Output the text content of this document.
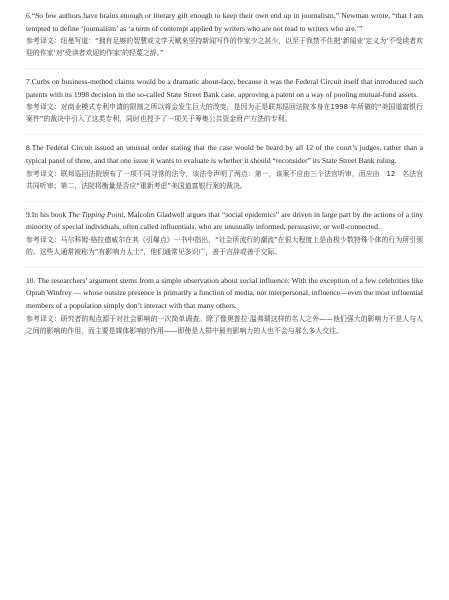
6.“So few authors have brains enough or literary gift enough to keep their own end up in journalism,” Newman wrote, “that I am tempted to define ‘journalism’ as ‘a term of contempt applied by writers who are not read to writers who are.’”
参考译文：纽曼写道：“拥有足够的智慧或文学天赋来坚持新闻写作的作家少之甚少，以至于我禁不住把‘新闻业’定义为‘不受读者欢迎的作家’对‘受读者欢迎的作家’的轻蔑之辞。”
7.Curbs on business-method claims would be a dramatic about-face, because it was the Federal Circuit itself that introduced such patents with its 1998 decision in the so-called State Street Bank case, approving a patent on a way of pooling mutual-fund assets.
参考译文：对商业模式专利申请的限制之所以将会发生巨大的改变，是因为正是联邦巡回法院本身在1998 年所做的“美国道富银行案件”的裁决中引入了这类专利，同时也授予了一项关于筹集公共资金财产方法的专利。
8.The Federal Circuit issued an unusual order stating that the case would be heard by all 12 of the court’s judges, rather than a typical panel of three, and that one issue it wants to evaluate is whether it should “reconsider” its State Street Bank ruling.
参考译文：联邦巡回法院颁布了一项不同寻常的法令，该法令声明了两点：第一，该案不应由三个法官听审，而应由　12　名法官共同听审；第二，法院将衡量是否应“重新考虑”美国道富银行案的裁决。
9.In his book The Tipping Point, Malcolm Gladwell argues that “social epidemics” are driven in large part by the actions of a tiny minority of special individuals, often called influentials, who are unusually informed, persuasive, or well-connected.
参考译文：马尔科姆·格拉德威尔在其《引爆点》一书中指出，“社会所流行的潮流”在很大程度上是由极少数特殊个体的行为所引领的。这些人通常被称为“有影响力人士”，他们通常见多识广，善于言辞或善于交际。
10. The researchers’ argument stems from a simple observation about social influence: With the exception of a few celebrities like Oprah Winfrey — whose outsize presence is primarily a function of media, not interpersonal, influence—even the most influential members of a population simply don’t interact with that many others.
参考译文：研究者的观点源于对社会影响的一次简单调查。除了像奥普拉·温弗瑞这样的名人之外——他们强大的影响力不是人与人之间的影响的作用，而主要是媒体影响的作用——即使是人群中最有影响力的人也不会与那么多人交往。
